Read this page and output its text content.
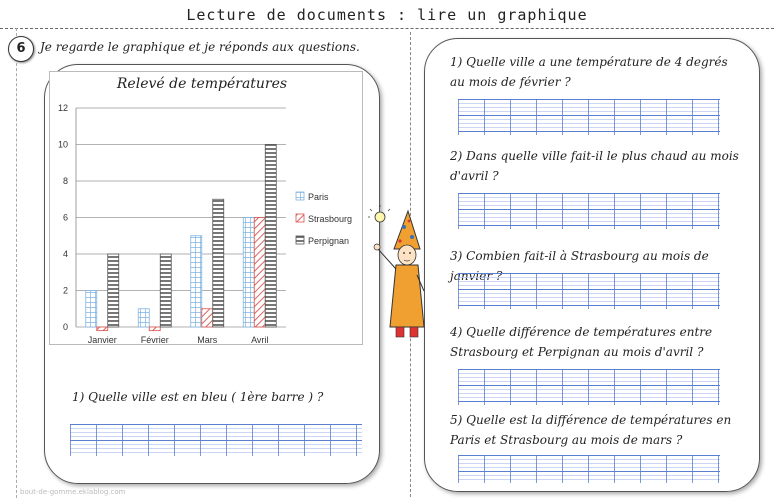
Lecture de documents : lire un graphique
6	Je regarde le graphique et je réponds aux questions.
Relevé de températures
0
2
4
6
8
10
12
Janvier	Février	Mars	Avril
Paris
Strasbourg
Perpignan
1) Quelle ville est en bleu ( 1ère barre ) ?
1) Quelle ville a une température de 4 degrés au mois de février ?
2) Dans quelle ville fait-il le plus chaud au mois d'avril ?
3) Combien fait-il à Strasbourg au mois de janvier ?
4) Quelle différence de températures entre Strasbourg et Perpignan au mois d'avril ?
5) Quelle est la différence de températures en Paris et Strasbourg au mois de mars ?
bout-de-gomme.eklablog.com
